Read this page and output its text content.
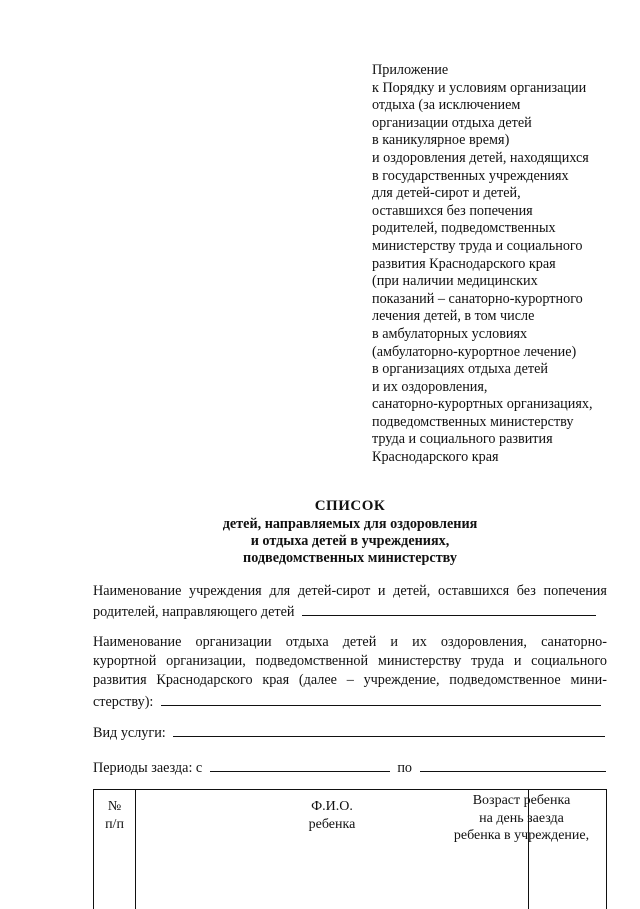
Приложение
к Порядку и условиям организации
отдыха (за исключением
организации отдыха детей
в каникулярное время)
и оздоровления детей, находящихся
в государственных учреждениях
для детей-сирот и детей,
оставшихся без попечения
родителей, подведомственных
министерству труда и социального
развития Краснодарского края
(при наличии медицинских
показаний – санаторно-курортного
лечения детей, в том числе
в амбулаторных условиях
(амбулаторно-курортное лечение)
в организациях отдыха детей
и их оздоровления,
санаторно-курортных организациях,
подведомственных министерству
труда и социального развития
Краснодарского края
СПИСОК
детей, направляемых для оздоровления
и отдыха детей в учреждениях,
подведомственных министерству
Наименование учреждения для детей-сирот и детей, оставшихся без попечения
родителей, направляющего детей
Наименование организации отдыха детей и их оздоровления, санаторно-
курортной организации, подведомственной министерству труда и социального
развития Краснодарского края (далее – учреждение, подведомственное мини-
стерству):
Вид услуги:
Периоды заезда: с	по
№
п/п
Ф.И.О.
ребенка
Возраст ребенка
на день заезда
ребенка в учреждение,
